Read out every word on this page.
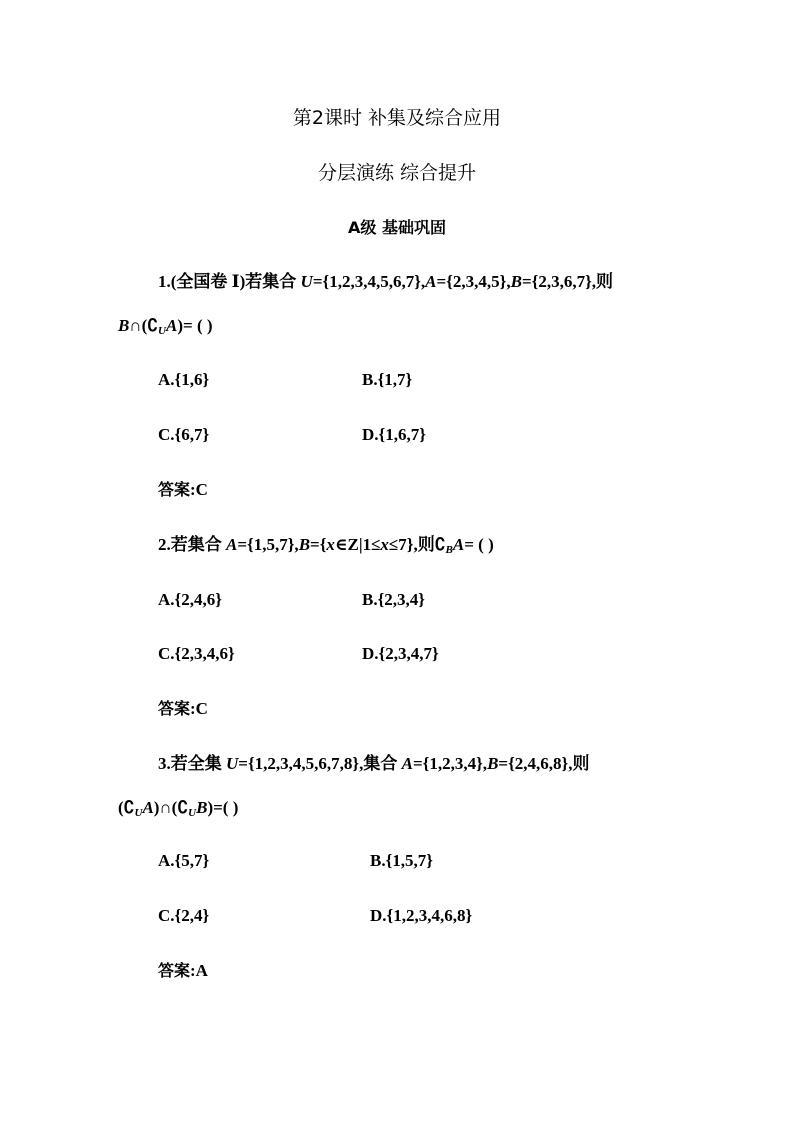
第2课时 补集及综合应用
分层演练 综合提升
A级 基础巩固
1.(全国卷 Ⅰ)若集合 U={1,2,3,4,5,6,7},A={2,3,4,5},B={2,3,6,7},则
$B\cap(∁_UA)=$ ( )
A.{1,6}	B.{1,7}
C.{6,7}	D.{1,6,7}
答案:C
2.若集合 A={1,5,7},B={x∈Z|1≤x≤7},则$∁_BA=$ ( )
A.{2,4,6}	B.{2,3,4}
C.{2,3,4,6}	D.{2,3,4,7}
答案:C
3.若全集 U={1,2,3,4,5,6,7,8},集合 A={1,2,3,4},B={2,4,6,8},则
$(∁_UA)\cap(∁_UB)=$( )
A.{5,7}	B.{1,5,7}
C.{2,4}	D.{1,2,3,4,6,8}
答案:A
